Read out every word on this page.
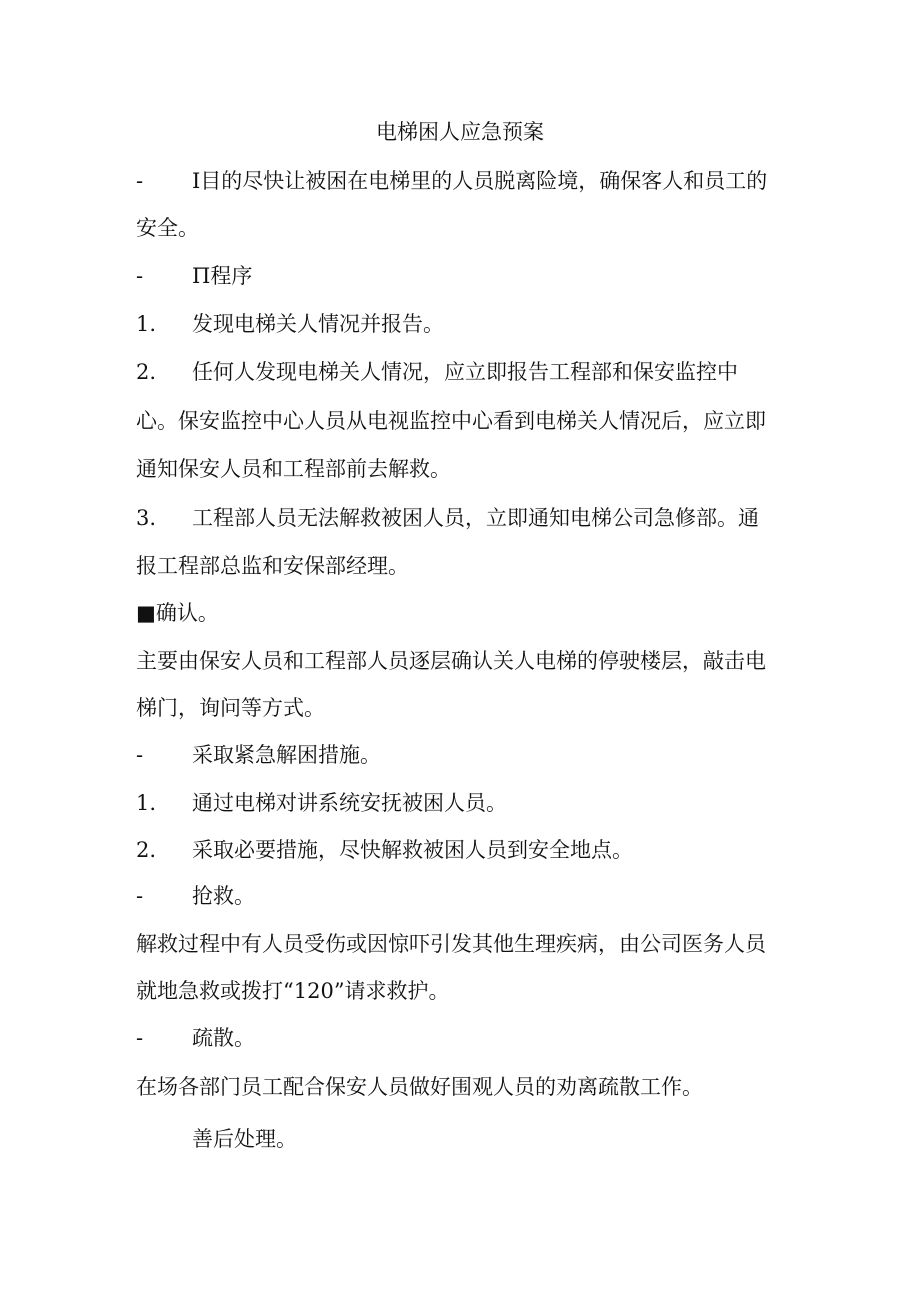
电梯困人应急预案
-	I目的尽快让被困在电梯里的人员脱离险境，确保客人和员工的
安全。
-	Π程序
1.	发现电梯关人情况并报告。
2.	任何人发现电梯关人情况，应立即报告工程部和保安监控中
心。保安监控中心人员从电视监控中心看到电梯关人情况后，应立即
通知保安人员和工程部前去解救。
3.	工程部人员无法解救被困人员，立即通知电梯公司急修部。通
报工程部总监和安保部经理。
■确认。
主要由保安人员和工程部人员逐层确认关人电梯的停驶楼层，敲击电
梯门，询问等方式。
-	采取紧急解困措施。
1.	通过电梯对讲系统安抚被困人员。
2.	采取必要措施，尽快解救被困人员到安全地点。
-	抢救。
解救过程中有人员受伤或因惊吓引发其他生理疾病，由公司医务人员
就地急救或拨打“120”请求救护。
-	疏散。
在场各部门员工配合保安人员做好围观人员的劝离疏散工作。
善后处理。
